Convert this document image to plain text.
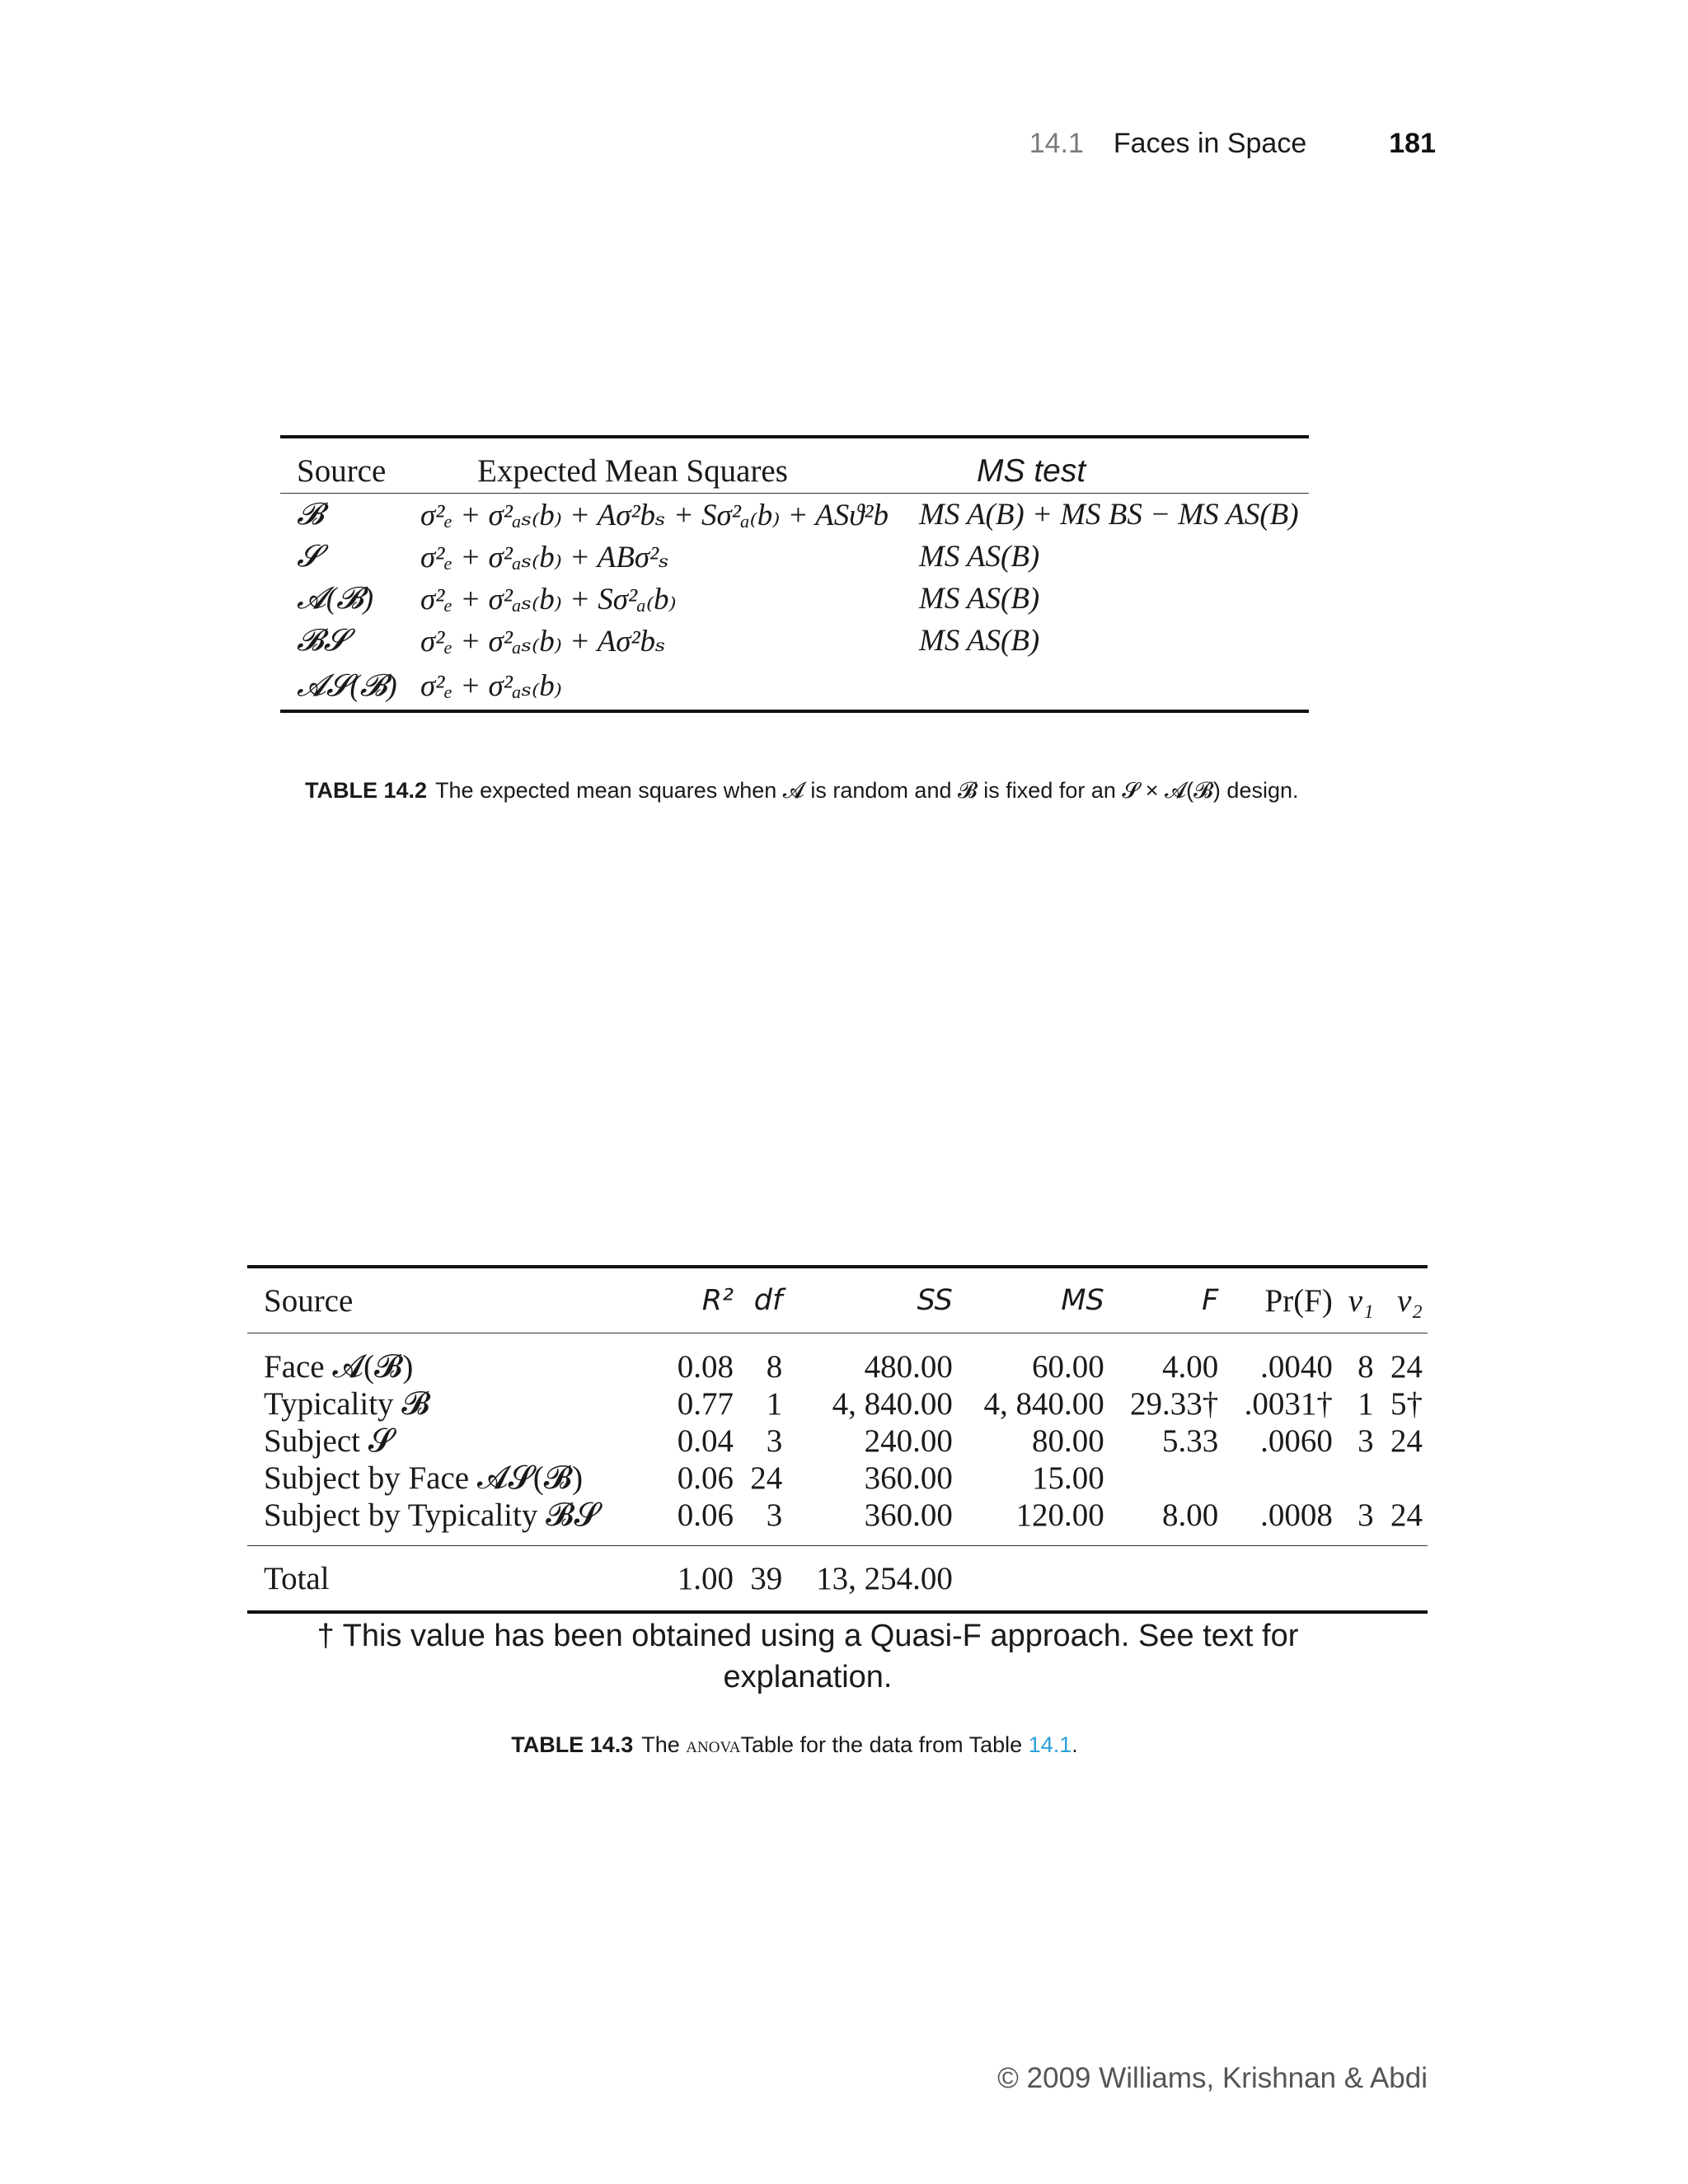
14.1 Faces in Space	181
Source	Expected Mean Squares	MS test
𝓑	σ²ₑ + σ²ₐₛ₍b₎ + Aσ²bₛ + Sσ²ₐ₍b₎ + ASϑ²b	MS A(B) + MS BS − MS AS(B)
𝓢	σ²ₑ + σ²ₐₛ₍b₎ + ABσ²ₛ	MS AS(B)
𝓐(𝓑)	σ²ₑ + σ²ₐₛ₍b₎ + Sσ²ₐ₍b₎	MS AS(B)
𝓑𝓢	σ²ₑ + σ²ₐₛ₍b₎ + Aσ²bₛ	MS AS(B)
𝓐𝓢(𝓑) σ²ₑ + σ²ₐₛ₍b₎
TABLE 14.2 The expected mean squares when 𝓐 is random and 𝓑 is fixed for an 𝓢 × 𝓐(𝓑) design.
Source	R²	df	SS	MS	F	Pr(F)	ν₁	ν₂
Face 𝓐(𝓑)	0.08	8	480.00	60.00	4.00	.0040	8	24
Typicality 𝓑	0.77	1	4, 840.00	4, 840.00	29.33†	.0031†	1	5†
Subject 𝓢	0.04	3	240.00	80.00	5.33	.0060	3	24
Subject by Face 𝓐𝓢(𝓑)	0.06	24	360.00	15.00				
Subject by Typicality 𝓑𝓢	0.06	3	360.00	120.00	8.00	.0008	3	24
Total	1.00	39	13, 254.00					
† This value has been obtained using a Quasi-F approach. See text for explanation.
TABLE 14.3 The anovaTable for the data from Table 14.1.
© 2009 Williams, Krishnan & Abdi
